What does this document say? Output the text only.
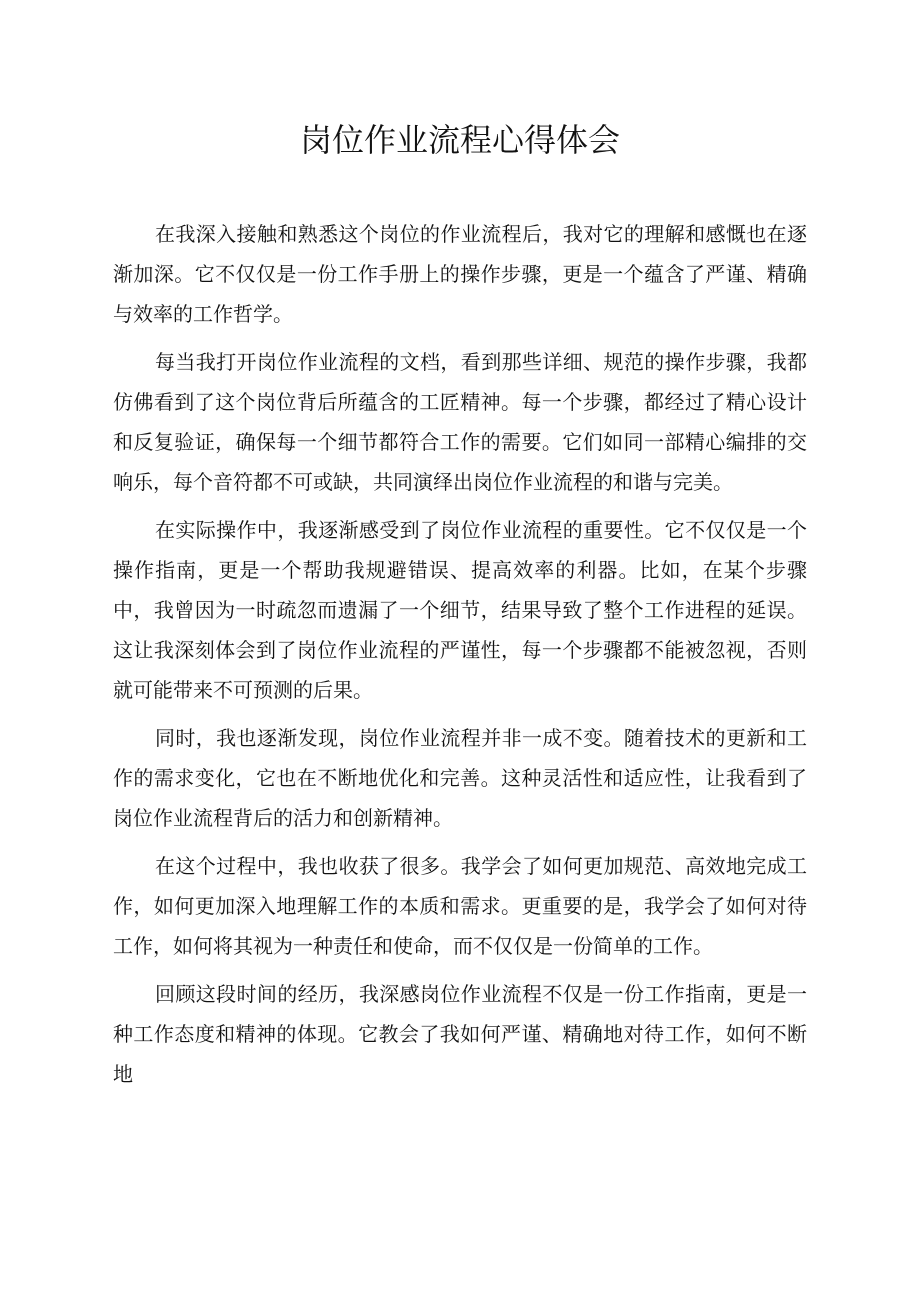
岗位作业流程心得体会

在我深入接触和熟悉这个岗位的作业流程后，我对它的理解和感慨也在逐渐加深。它不仅仅是一份工作手册上的操作步骤，更是一个蕴含了严谨、精确与效率的工作哲学。

每当我打开岗位作业流程的文档，看到那些详细、规范的操作步骤，我都仿佛看到了这个岗位背后所蕴含的工匠精神。每一个步骤，都经过了精心设计和反复验证，确保每一个细节都符合工作的需要。它们如同一部精心编排的交响乐，每个音符都不可或缺，共同演绎出岗位作业流程的和谐与完美。

在实际操作中，我逐渐感受到了岗位作业流程的重要性。它不仅仅是一个操作指南，更是一个帮助我规避错误、提高效率的利器。比如，在某个步骤中，我曾因为一时疏忽而遗漏了一个细节，结果导致了整个工作进程的延误。这让我深刻体会到了岗位作业流程的严谨性，每一个步骤都不能被忽视，否则就可能带来不可预测的后果。

同时，我也逐渐发现，岗位作业流程并非一成不变。随着技术的更新和工作的需求变化，它也在不断地优化和完善。这种灵活性和适应性，让我看到了岗位作业流程背后的活力和创新精神。

在这个过程中，我也收获了很多。我学会了如何更加规范、高效地完成工作，如何更加深入地理解工作的本质和需求。更重要的是，我学会了如何对待工作，如何将其视为一种责任和使命，而不仅仅是一份简单的工作。

回顾这段时间的经历，我深感岗位作业流程不仅是一份工作指南，更是一种工作态度和精神的体现。它教会了我如何严谨、精确地对待工作，如何不断地
